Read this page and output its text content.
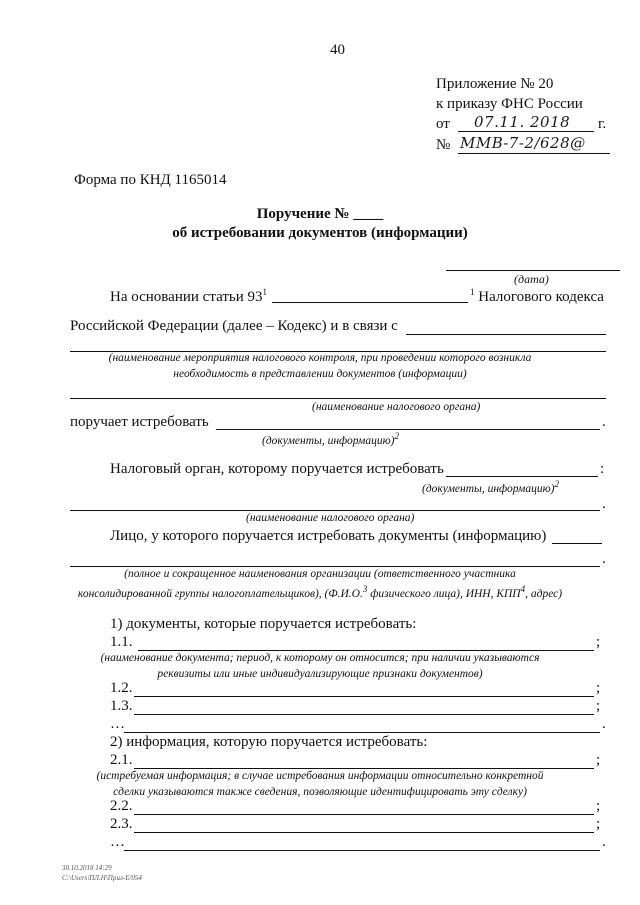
40
Приложение № 20
к приказу ФНС России
от 07.11. 2018 г.
№ ММВ-7-2/628@
Форма по КНД 1165014
Поручение № ____
об истребовании документов (информации)
(дата)
На основании статьи $93^1$	$^1$ Налогового кодекса
Российской Федерации (далее – Кодекс) и в связи с
(наименование мероприятия налогового контроля, при проведении которого возникла
необходимость в представлении документов (информации)
(наименование налогового органа)
поручает истребовать	.
(документы, информацию)$^2$
Налоговый орган, которому поручается истребовать	:
(документы, информацию)$^2$
.
(наименование налогового органа)
Лицо, у которого поручается истребовать документы (информацию)
.
(полное и сокращенное наименования организации (ответственного участника
консолидированной группы налогоплательщиков), (Ф.И.О.$^3$ физического лица), ИНН, КПП$^4$, адрес)
1) документы, которые поручается истребовать:
1.1.	;
(наименование документа; период, к которому он относится; при наличии указываются
реквизиты или иные индивидуализирующие признаки документов)
1.2.	;
1.3.	;
…	.
2) информация, которую поручается истребовать:
2.1.	;
(истребуемая информация; в случае истребования информации относительно конкретной
сделки указываются также сведения, позволяющие идентифицировать эту сделку)
2.2.	;
2.3.	;
…	.
30.10.2018 14:29
С:\Users\ПЛ.Н\Прил-Е/054
